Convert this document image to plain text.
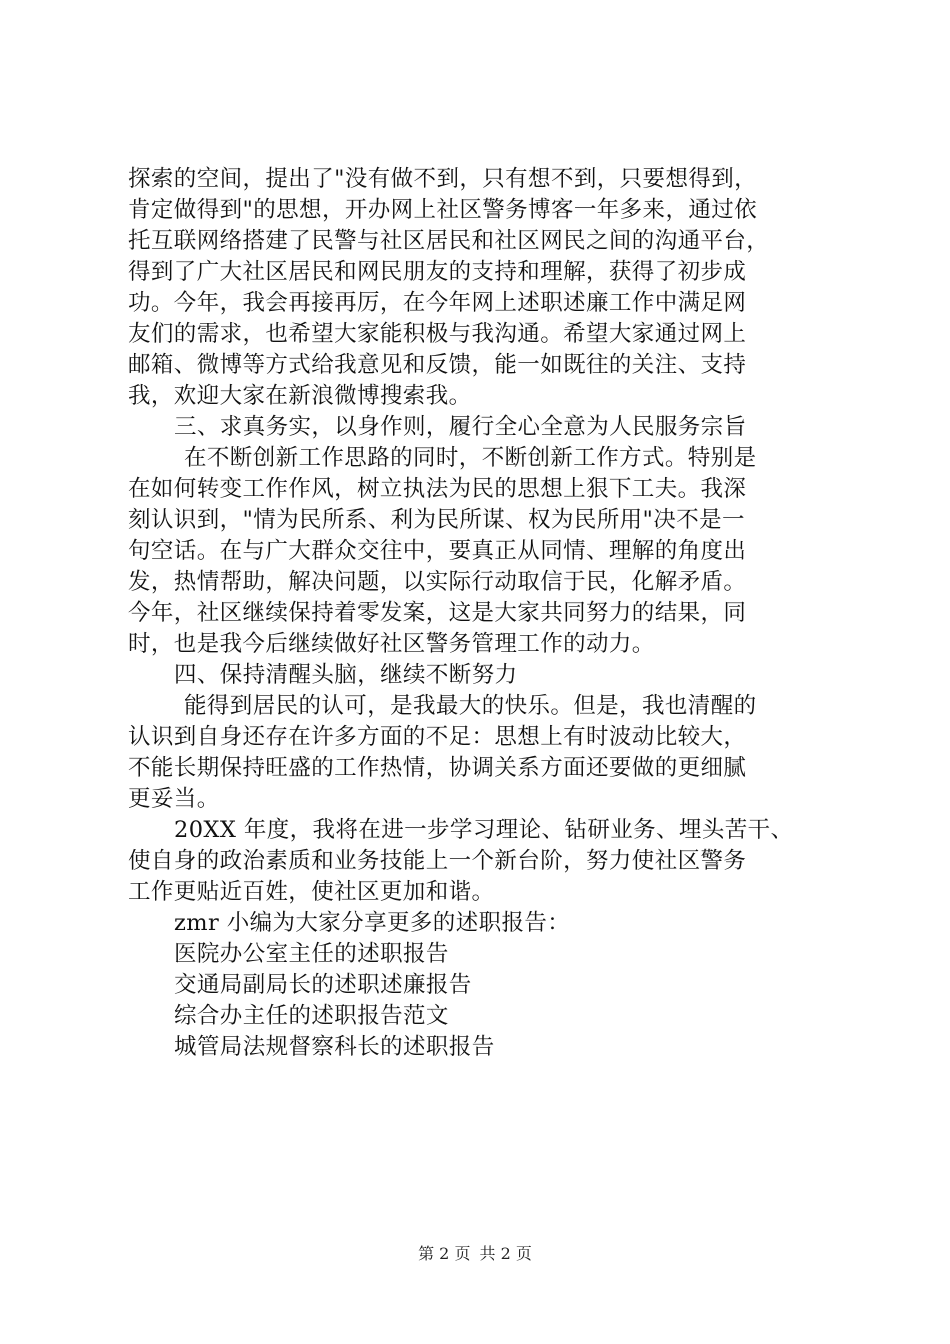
探索的空间，提出了"没有做不到，只有想不到，只要想得到，
肯定做得到"的思想，开办网上社区警务博客一年多来，通过依
托互联网络搭建了民警与社区居民和社区网民之间的沟通平台，
得到了广大社区居民和网民朋友的支持和理解，获得了初步成
功。今年，我会再接再厉，在今年网上述职述廉工作中满足网
友们的需求，也希望大家能积极与我沟通。希望大家通过网上
邮箱、微博等方式给我意见和反馈，能一如既往的关注、支持
我，欢迎大家在新浪微博搜索我。
三、求真务实，以身作则，履行全心全意为人民服务宗旨
在不断创新工作思路的同时，不断创新工作方式。特别是
在如何转变工作作风，树立执法为民的思想上狠下工夫。我深
刻认识到，"情为民所系、利为民所谋、权为民所用"决不是一
句空话。在与广大群众交往中，要真正从同情、理解的角度出
发，热情帮助，解决问题，以实际行动取信于民，化解矛盾。
今年，社区继续保持着零发案，这是大家共同努力的结果，同
时，也是我今后继续做好社区警务管理工作的动力。
四、保持清醒头脑，继续不断努力
能得到居民的认可，是我最大的快乐。但是，我也清醒的
认识到自身还存在许多方面的不足：思想上有时波动比较大，
不能长期保持旺盛的工作热情，协调关系方面还要做的更细腻
更妥当。
20XX 年度，我将在进一步学习理论、钻研业务、埋头苦干、
使自身的政治素质和业务技能上一个新台阶，努力使社区警务
工作更贴近百姓，使社区更加和谐。
zmr 小编为大家分享更多的述职报告：
医院办公室主任的述职报告
交通局副局长的述职述廉报告
综合办主任的述职报告范文
城管局法规督察科长的述职报告
第 2 页 共 2 页
